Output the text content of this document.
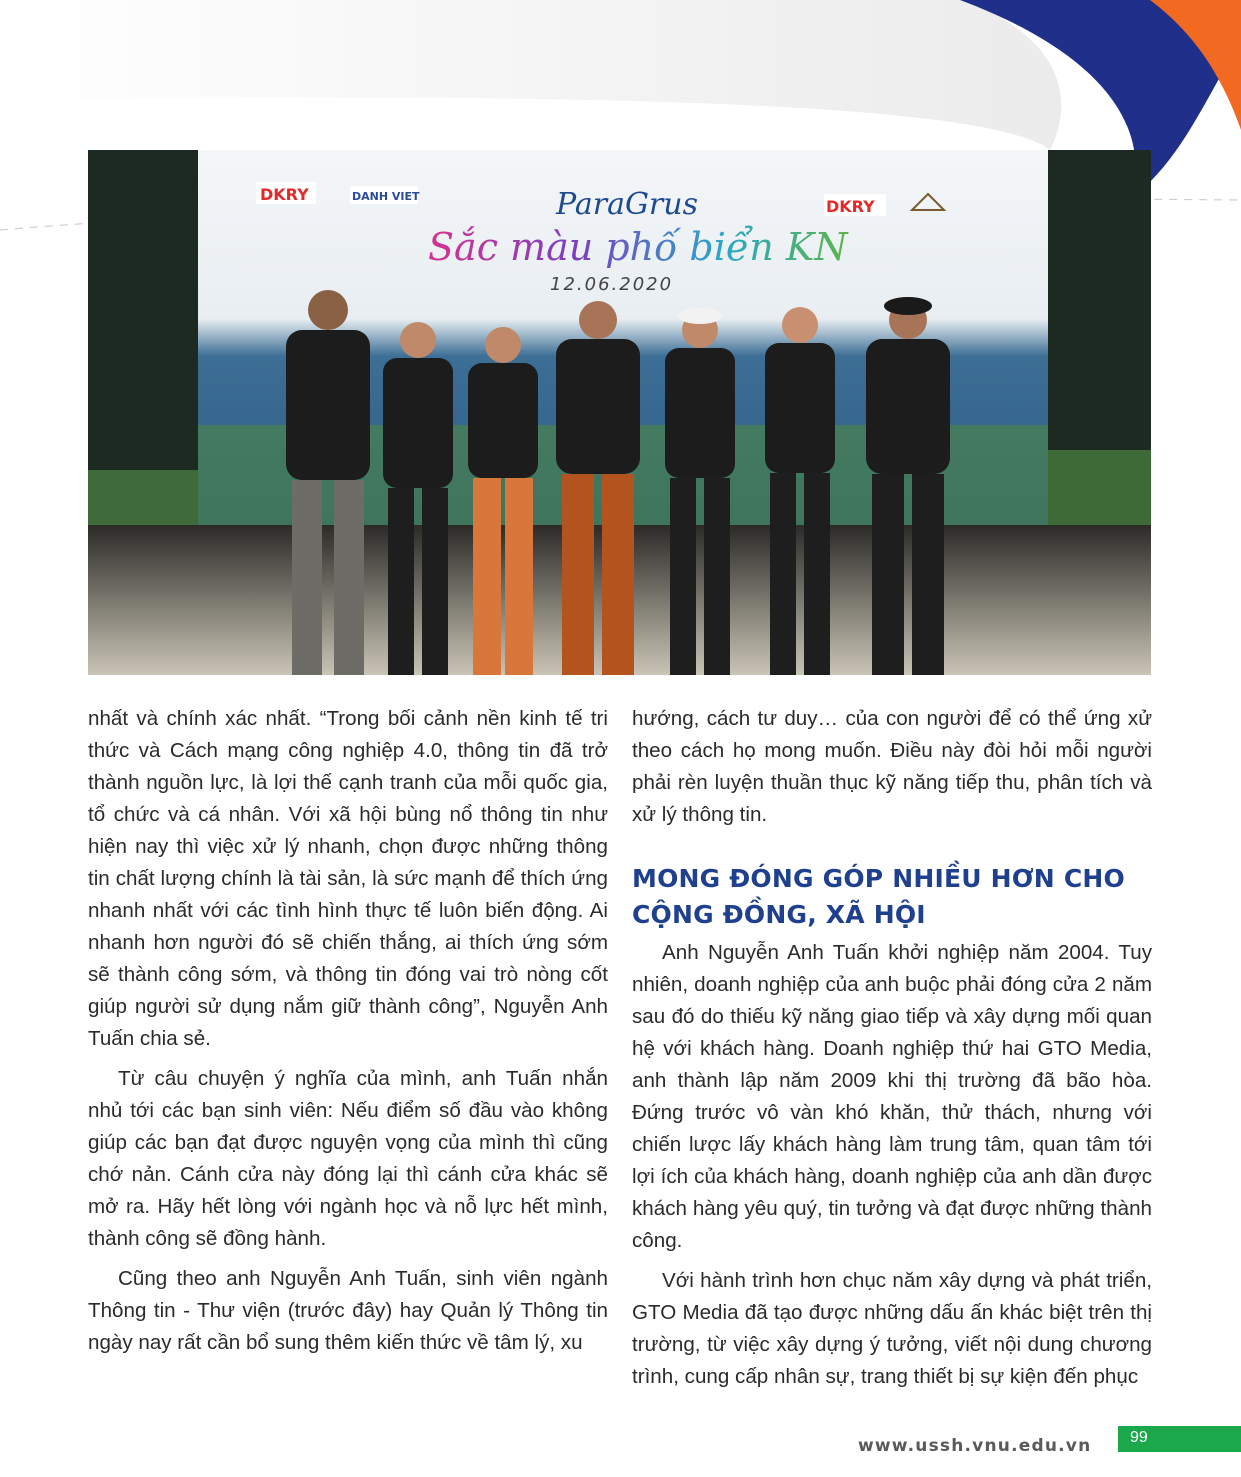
DKRY	DANH VIET
DKRY
ParaGrus
Sắc màu phố biển KN
12.06.2020

nhất và chính xác nhất. “Trong bối cảnh nền kinh tế tri thức và Cách mạng công nghiệp 4.0, thông tin đã trở thành nguồn lực, là lợi thế cạnh tranh của mỗi quốc gia, tổ chức và cá nhân. Với xã hội bùng nổ thông tin như hiện nay thì việc xử lý nhanh, chọn được những thông tin chất lượng chính là tài sản, là sức mạnh để thích ứng nhanh nhất với các tình hình thực tế luôn biến động. Ai nhanh hơn người đó sẽ chiến thắng, ai thích ứng sớm sẽ thành công sớm, và thông tin đóng vai trò nòng cốt giúp người sử dụng nắm giữ thành công”, Nguyễn Anh Tuấn chia sẻ.

Từ câu chuyện ý nghĩa của mình, anh Tuấn nhắn nhủ tới các bạn sinh viên: Nếu điểm số đầu vào không giúp các bạn đạt được nguyện vọng của mình thì cũng chớ nản. Cánh cửa này đóng lại thì cánh cửa khác sẽ mở ra. Hãy hết lòng với ngành học và nỗ lực hết mình, thành công sẽ đồng hành.

Cũng theo anh Nguyễn Anh Tuấn, sinh viên ngành Thông tin - Thư viện (trước đây) hay Quản lý Thông tin ngày nay rất cần bổ sung thêm kiến thức về tâm lý, xu

hướng, cách tư duy… của con người để có thể ứng xử theo cách họ mong muốn. Điều này đòi hỏi mỗi người phải rèn luyện thuần thục kỹ năng tiếp thu, phân tích và xử lý thông tin.

MONG ĐÓNG GÓP NHIỀU HƠN CHO
CỘNG ĐỒNG, XÃ HỘI

Anh Nguyễn Anh Tuấn khởi nghiệp năm 2004. Tuy nhiên, doanh nghiệp của anh buộc phải đóng cửa 2 năm sau đó do thiếu kỹ năng giao tiếp và xây dựng mối quan hệ với khách hàng. Doanh nghiệp thứ hai GTO Media, anh thành lập năm 2009 khi thị trường đã bão hòa. Đứng trước vô vàn khó khăn, thử thách, nhưng với chiến lược lấy khách hàng làm trung tâm, quan tâm tới lợi ích của khách hàng, doanh nghiệp của anh dần được khách hàng yêu quý, tin tưởng và đạt được những thành công.

Với hành trình hơn chục năm xây dựng và phát triển, GTO Media đã tạo được những dấu ấn khác biệt trên thị trường, từ việc xây dựng ý tưởng, viết nội dung chương trình, cung cấp nhân sự, trang thiết bị sự kiện đến phục

www.ussh.vnu.edu.vn 99
